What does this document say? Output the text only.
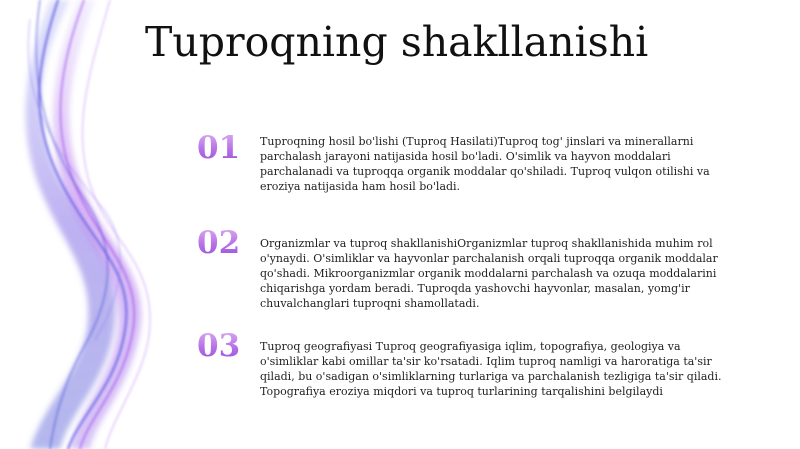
Tuproqning shakllanishi
01 Tuproqning hosil bo'lishi (Tuproq Hasilati)Tuproq tog' jinslari va minerallarni parchalash jarayoni natijasida hosil bo'ladi. O'simlik va hayvon moddalari parchalanadi va tuproqqa organik moddalar qo'shiladi. Tuproq vulqon otilishi va eroziya natijasida ham hosil bo'ladi.

02 Organizmlar va tuproq shakllanishiOrganizmlar tuproq shakllanishida muhim rol o'ynaydi. O'simliklar va hayvonlar parchalanish orqali tuproqqa organik moddalar qo'shadi. Mikroorganizmlar organik moddalarni parchalash va ozuqa moddalarini chiqarishga yordam beradi. Tuproqda yashovchi hayvonlar, masalan, yomg'ir chuvalchanglari tuproqni shamollatadi.

03 Tuproq geografiyasi Tuproq geografiyasiga iqlim, topografiya, geologiya va o'simliklar kabi omillar ta'sir ko'rsatadi. Iqlim tuproq namligi va haroratiga ta'sir qiladi, bu o'sadigan o'simliklarning turlariga va parchalanish tezligiga ta'sir qiladi. Topografiya eroziya miqdori va tuproq turlarining tarqalishini belgilaydi
